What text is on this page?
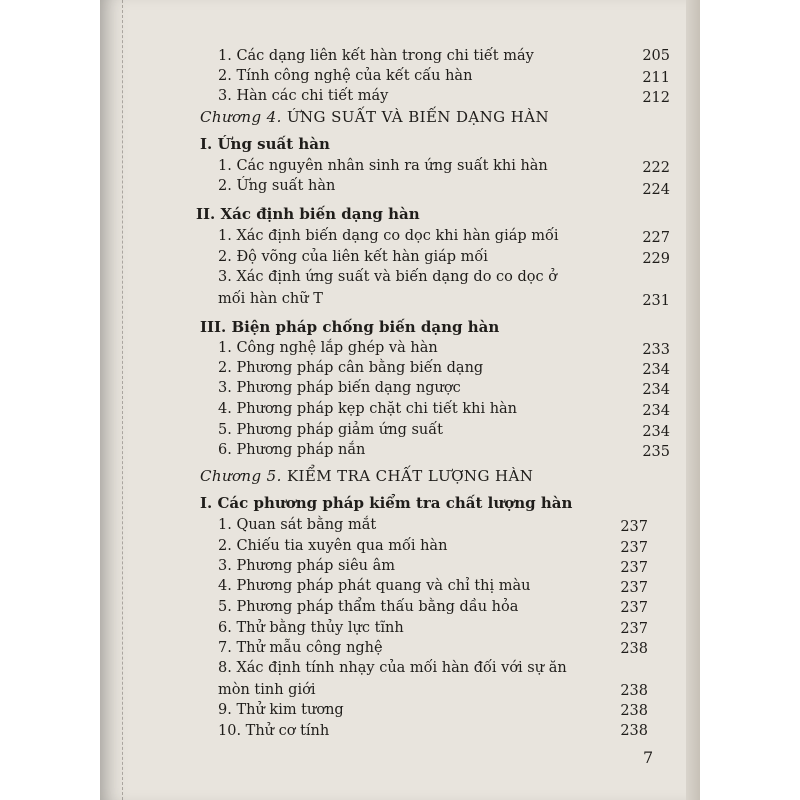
1. Các dạng liên kết hàn trong chi tiết máy	205
2. Tính công nghệ của kết cấu hàn	211
3. Hàn các chi tiết máy	212
Chương 4. ỨNG SUẤT VÀ BIẾN DẠNG HÀN
I. Ứng suất hàn
1. Các nguyên nhân sinh ra ứng suất khi hàn	222
2. Ứng suất hàn	224
II. Xác định biến dạng hàn
1. Xác định biến dạng co dọc khi hàn giáp mối	227
2. Độ võng của liên kết hàn giáp mối	229
3. Xác định ứng suất và biến dạng do co dọc ở
mối hàn chữ T	231
III. Biện pháp chống biến dạng hàn
1. Công nghệ lắp ghép và hàn	233
2. Phương pháp cân bằng biến dạng	234
3. Phương pháp biến dạng ngược	234
4. Phương pháp kẹp chặt chi tiết khi hàn	234
5. Phương pháp giảm ứng suất	234
6. Phương pháp nắn	235
Chương 5. KIỂM TRA CHẤT LƯỢNG HÀN
I. Các phương pháp kiểm tra chất lượng hàn
1. Quan sát bằng mắt	237
2. Chiếu tia xuyên qua mối hàn	237
3. Phương pháp siêu âm	237
4. Phương pháp phát quang và chỉ thị màu	237
5. Phương pháp thẩm thấu bằng dầu hỏa	237
6. Thử bằng thủy lực tĩnh	237
7. Thử mẫu công nghệ	238
8. Xác định tính nhạy của mối hàn đối với sự ăn
mòn tinh giới	238
9. Thử kim tương	238
10. Thử cơ tính	238
7
